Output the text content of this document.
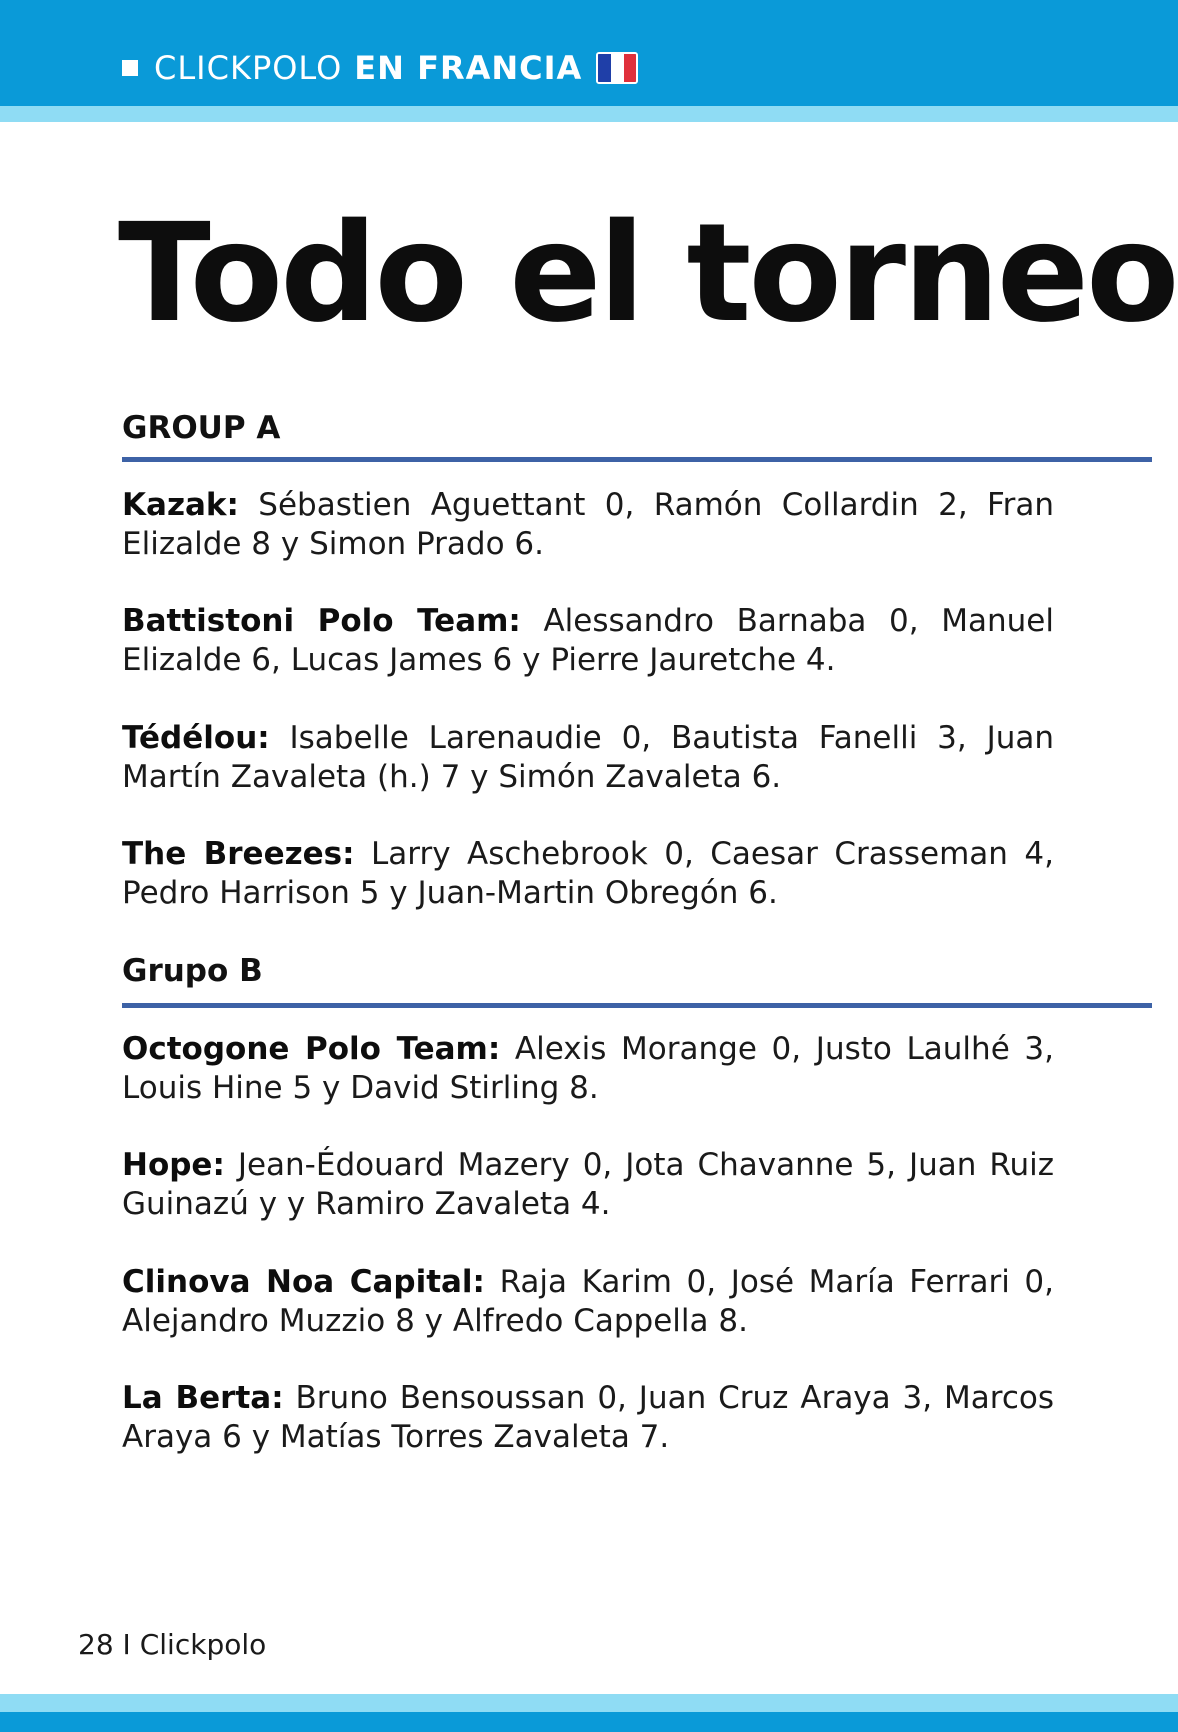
CLICKPOLO EN FRANCIA
Todo el torneo
GROUP A

Kazak: Sébastien Aguettant 0, Ramón Collardin 2, Fran Elizalde 8 y Simon Prado 6.

Battistoni Polo Team: Alessandro Barnaba 0, Manuel Elizalde 6, Lucas James 6 y Pierre Jauretche 4.

Tédélou: Isabelle Larenaudie 0, Bautista Fanelli 3, Juan Martín Zavaleta (h.) 7 y Simón Zavaleta 6.

The Breezes: Larry Aschebrook 0, Caesar Crasseman 4, Pedro Harrison 5 y Juan-Martin Obregón 6.

Grupo B

Octogone Polo Team: Alexis Morange 0, Justo Laulhé 3, Louis Hine 5 y David Stirling 8.

Hope: Jean-Édouard Mazery 0, Jota Chavanne 5, Juan Ruiz Guinazú y y Ramiro Zavaleta 4.

Clinova Noa Capital: Raja Karim 0, José María Ferrari 0, Alejandro Muzzio 8 y Alfredo Cappella 8.

La Berta: Bruno Bensoussan 0, Juan Cruz Araya 3, Marcos Araya 6 y Matías Torres Zavaleta 7.

28 I Clickpolo
